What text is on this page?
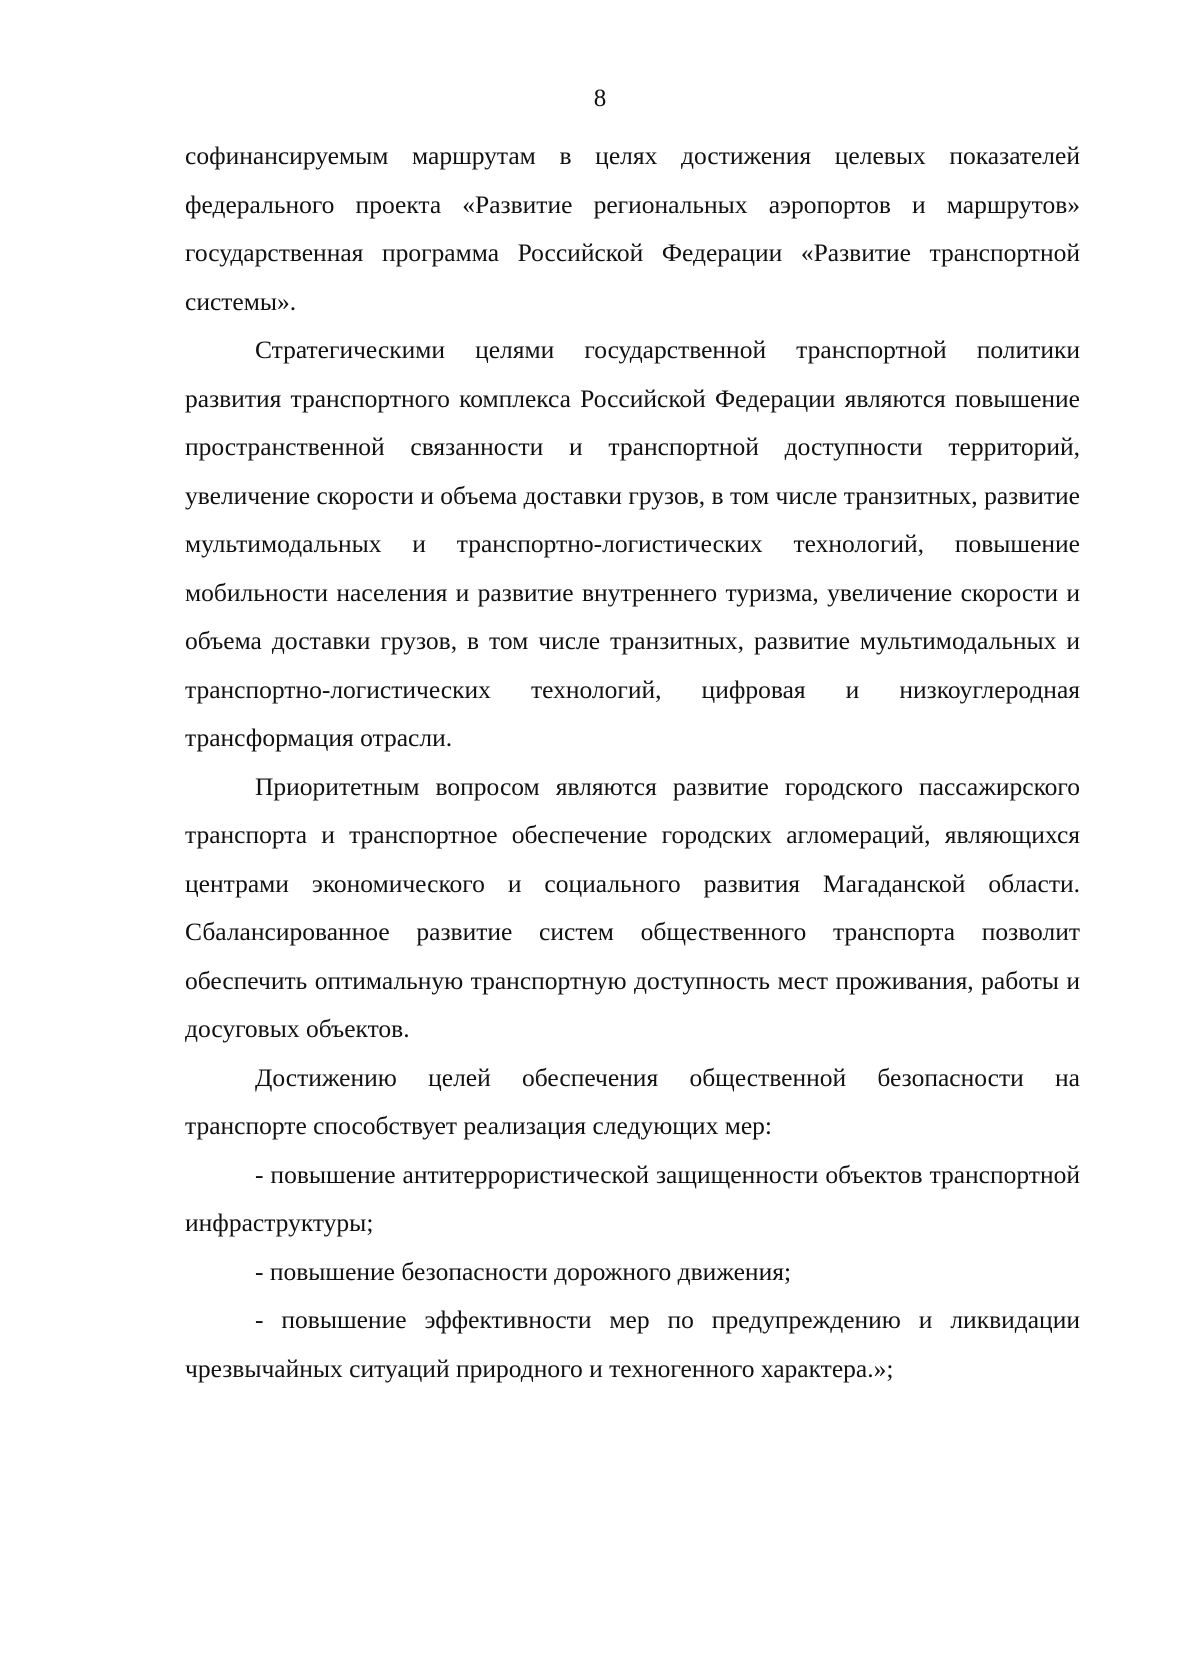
8

софинансируемым маршрутам в целях достижения целевых показателей федерального проекта «Развитие региональных аэропортов и маршрутов» государственная программа Российской Федерации «Развитие транспортной системы».

Стратегическими целями государственной транспортной политики развития транспортного комплекса Российской Федерации являются повышение пространственной связанности и транспортной доступности территорий, увеличение скорости и объема доставки грузов, в том числе транзитных, развитие мультимодальных и транспортно-логистических технологий, повышение мобильности населения и развитие внутреннего туризма, увеличение скорости и объема доставки грузов, в том числе транзитных, развитие мультимодальных и транспортно-логистических технологий, цифровая и низкоуглеродная трансформация отрасли.

Приоритетным вопросом являются развитие городского пассажирского транспорта и транспортное обеспечение городских агломераций, являющихся центрами экономического и социального развития Магаданской области. Сбалансированное развитие систем общественного транспорта позволит обеспечить оптимальную транспортную доступность мест проживания, работы и досуговых объектов.

Достижению целей обеспечения общественной безопасности на транспорте способствует реализация следующих мер:

- повышение антитеррористической защищенности объектов транспортной инфраструктуры;

- повышение безопасности дорожного движения;

- повышение эффективности мер по предупреждению и ликвидации чрезвычайных ситуаций природного и техногенного характера.»;
